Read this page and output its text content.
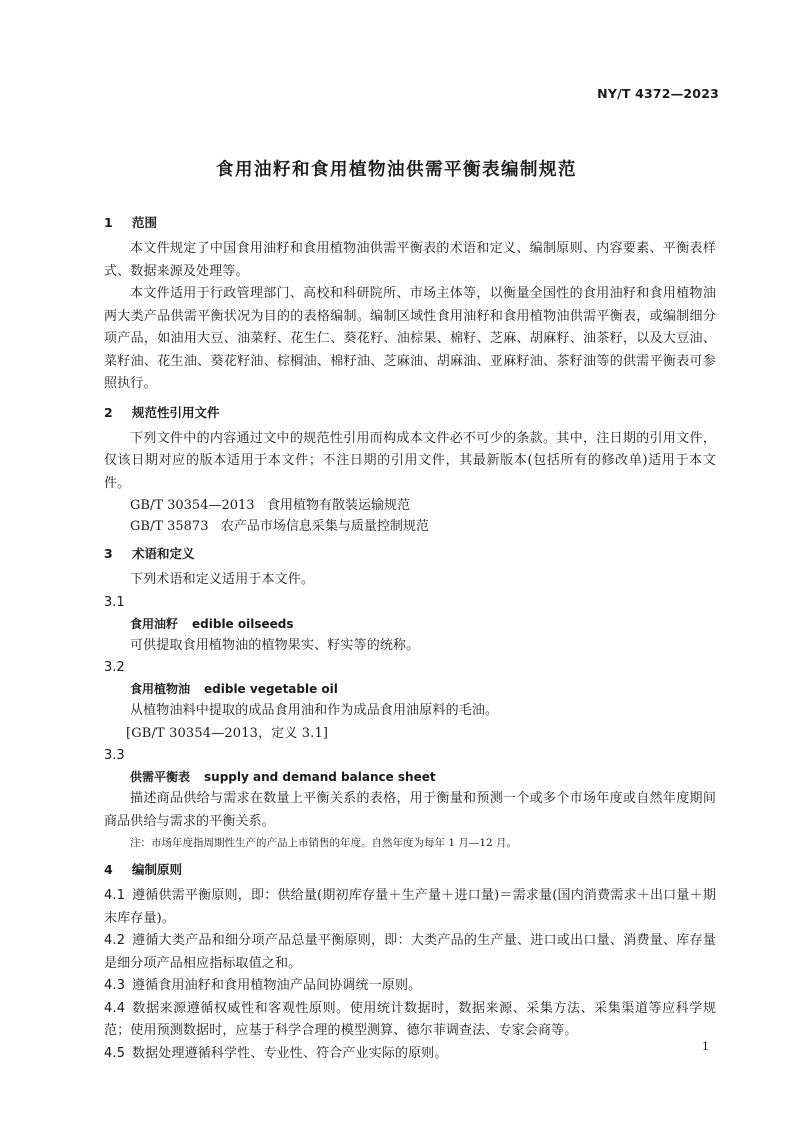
NY/T 4372—2023
食用油籽和食用植物油供需平衡表编制规范
1 范围
本文件规定了中国食用油籽和食用植物油供需平衡表的术语和定义、编制原则、内容要素、平衡表样式、数据来源及处理等。
本文件适用于行政管理部门、高校和科研院所、市场主体等，以衡量全国性的食用油籽和食用植物油两大类产品供需平衡状况为目的的表格编制。编制区域性食用油籽和食用植物油供需平衡表，或编制细分项产品，如油用大豆、油菜籽、花生仁、葵花籽、油棕果、棉籽、芝麻、胡麻籽、油茶籽，以及大豆油、菜籽油、花生油、葵花籽油、棕榈油、棉籽油、芝麻油、胡麻油、亚麻籽油、茶籽油等的供需平衡表可参照执行。
2 规范性引用文件
下列文件中的内容通过文中的规范性引用而构成本文件必不可少的条款。其中，注日期的引用文件，仅该日期对应的版本适用于本文件；不注日期的引用文件，其最新版本(包括所有的修改单)适用于本文件。
GB/T 30354—2013 食用植物有散装运输规范
GB/T 35873 农产品市场信息采集与质量控制规范
3 术语和定义
下列术语和定义适用于本文件。
3.1
食用油籽 edible oilseeds
可供提取食用植物油的植物果实、籽实等的统称。
3.2
食用植物油 edible vegetable oil
从植物油料中提取的成品食用油和作为成品食用油原料的毛油。
[GB/T 30354—2013，定义 3.1]
3.3
供需平衡表 supply and demand balance sheet
描述商品供给与需求在数量上平衡关系的表格，用于衡量和预测一个或多个市场年度或自然年度期间商品供给与需求的平衡关系。
注：市场年度指周期性生产的产品上市销售的年度。自然年度为每年 1 月—12 月。
4 编制原则
4.1 遵循供需平衡原则，即：供给量(期初库存量＋生产量＋进口量)＝需求量(国内消费需求＋出口量＋期末库存量)。
4.2 遵循大类产品和细分项产品总量平衡原则，即：大类产品的生产量、进口或出口量、消费量、库存量是细分项产品相应指标取值之和。
4.3 遵循食用油籽和食用植物油产品间协调统一原则。
4.4 数据来源遵循权威性和客观性原则。使用统计数据时，数据来源、采集方法、采集渠道等应科学规范；使用预测数据时，应基于科学合理的模型测算、德尔菲调查法、专家会商等。
4.5 数据处理遵循科学性、专业性、符合产业实际的原则。	1
